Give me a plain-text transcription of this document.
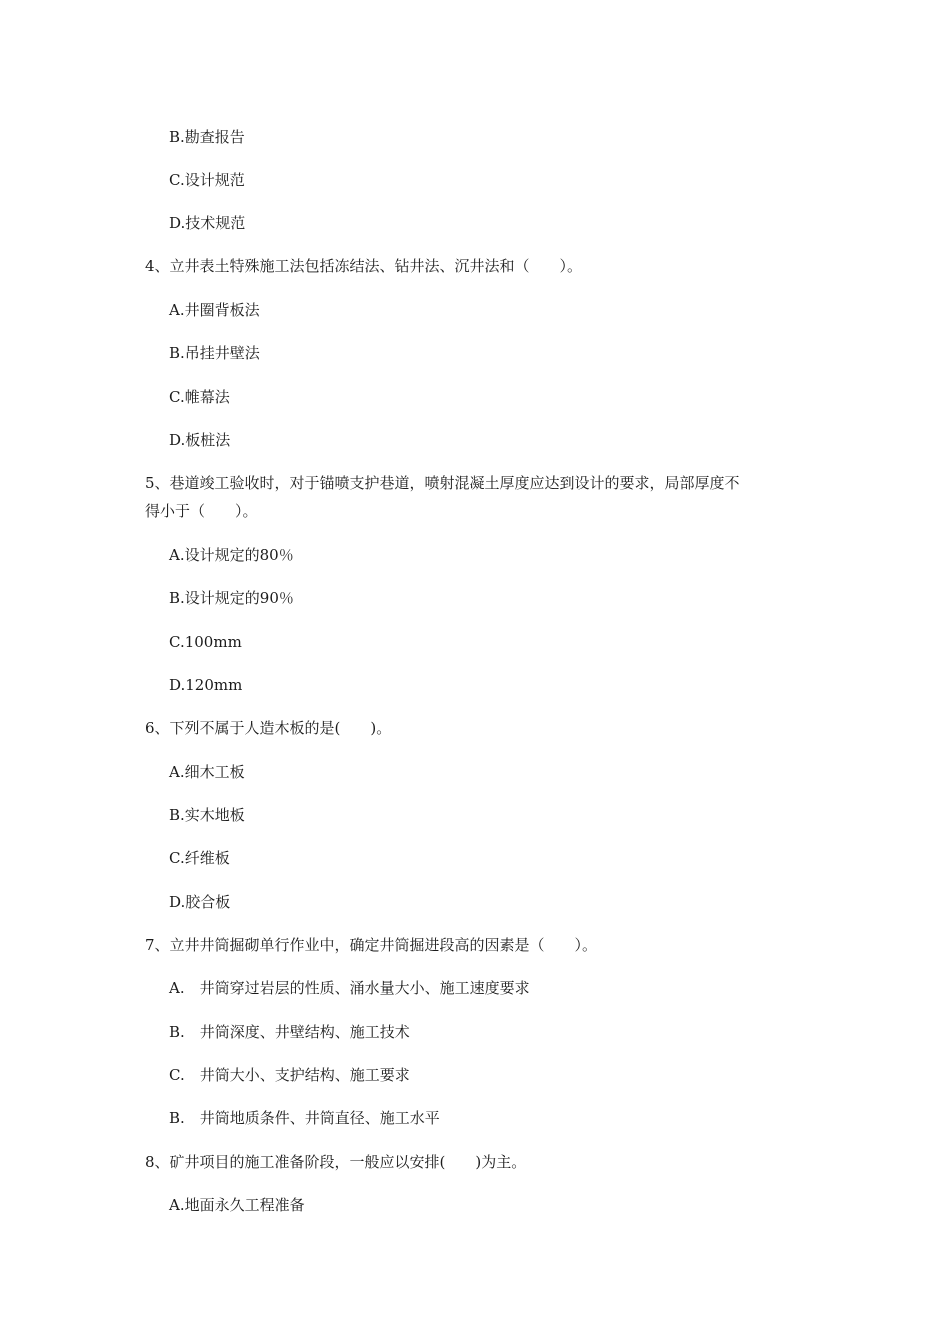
B.勘查报告
C.设计规范
D.技术规范
4、立井表土特殊施工法包括冻结法、钻井法、沉井法和（　　）。
A.井圈背板法
B.吊挂井壁法
C.帷幕法
D.板桩法
5、巷道竣工验收时，对于锚喷支护巷道，喷射混凝土厚度应达到设计的要求，局部厚度不
得小于（　　）。
A.设计规定的80％
B.设计规定的90％
C.100mm
D.120mm
6、下列不属于人造木板的是(　　)。
A.细木工板
B.实木地板
C.纤维板
D.胶合板
7、立井井筒掘砌单行作业中，确定井筒掘进段高的因素是（　　）。
A.　井筒穿过岩层的性质、涌水量大小、施工速度要求
B.　井筒深度、井壁结构、施工技术
C.　井筒大小、支护结构、施工要求
B.　井筒地质条件、井筒直径、施工水平
8、矿井项目的施工准备阶段，一般应以安排(　　)为主。
A.地面永久工程准备
